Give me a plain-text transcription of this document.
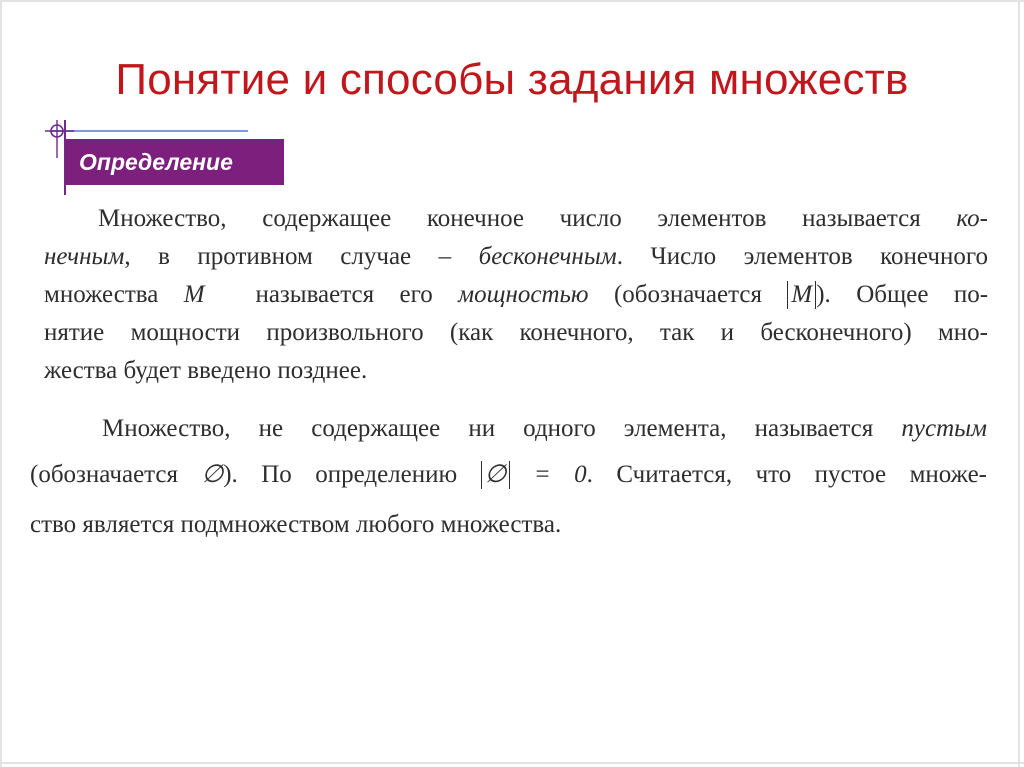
Понятие и способы задания множеств
Определение
Множество, содержащее конечное число элементов называется ко-
нечным, в противном случае – бесконечным. Число элементов конечного
множества M называется его мощностью (обозначается M ). Общее по-
нятие мощности произвольного (как конечного, так и бесконечного) мно-
жества будет введено позднее.
Множество, не содержащее ни одного элемента, называется пустым
(обозначается ∅). По определению ∅ = 0. Считается, что пустое множе-
ство является подмножеством любого множества.
